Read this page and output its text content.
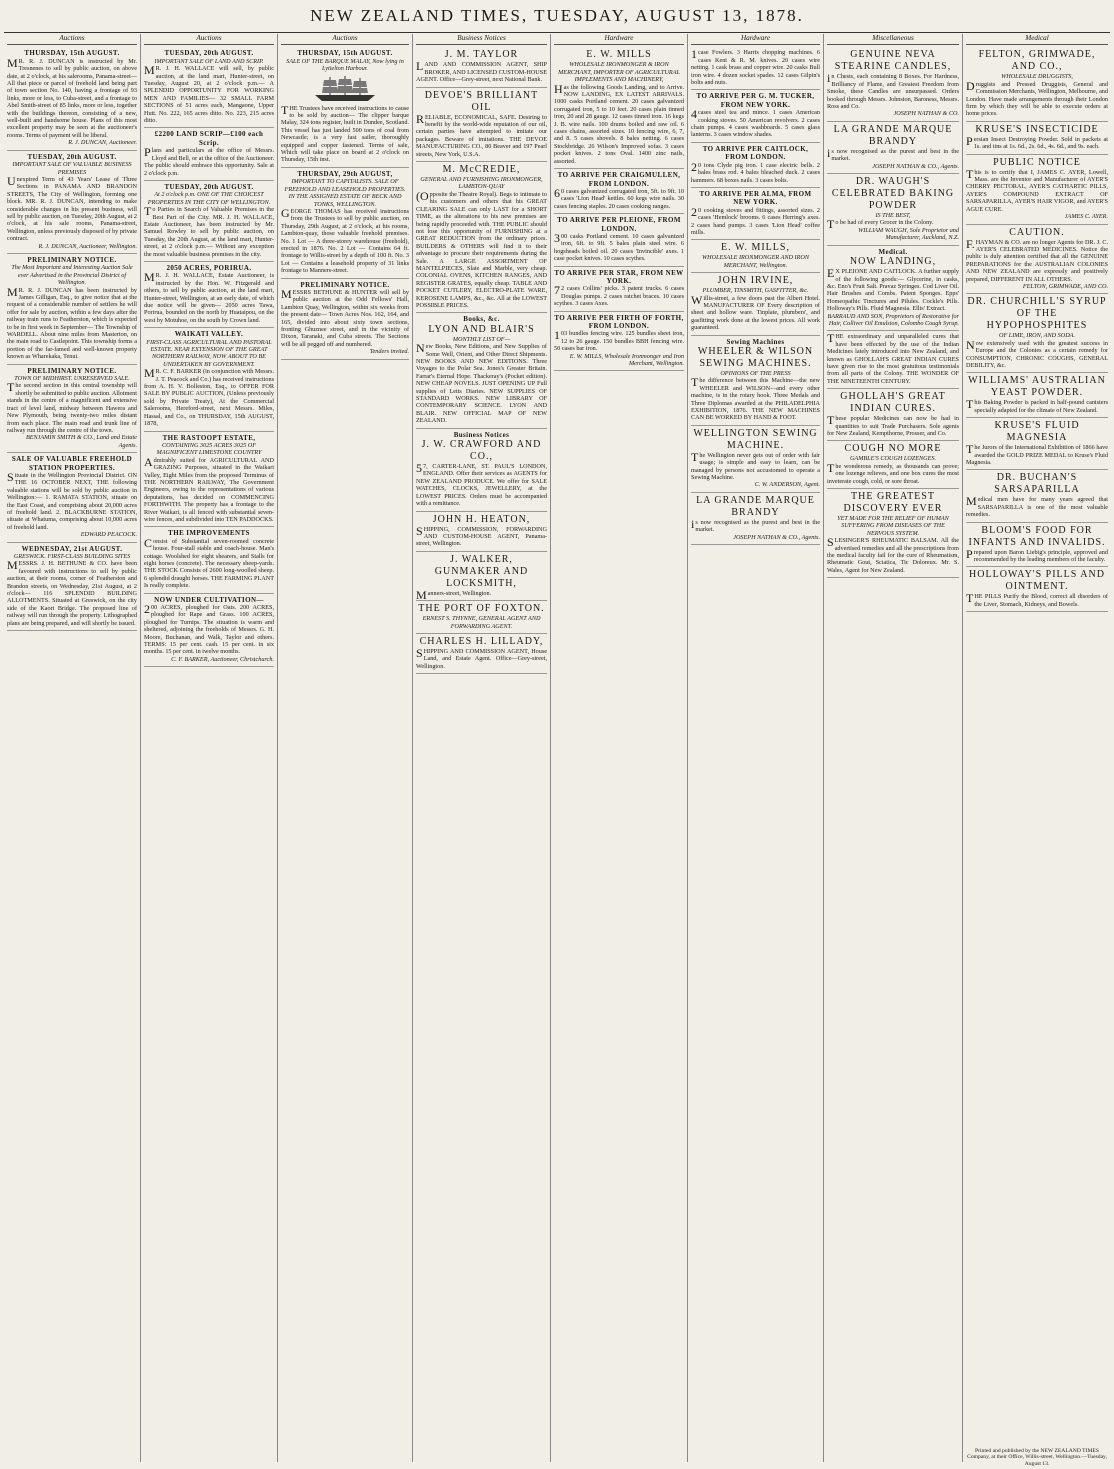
NEW ZEALAND TIMES, TUESDAY, AUGUST 13, 1878.
Auctions
THURSDAY, 15th AUGUST.
MR. R. J. DUNCAN is instructed by Mr. Tresnenes to sell by public auction, on above date, at 2 o'clock, at his salerooms, Panama-street— All that piece or parcel of freehold land being part of town section No. 140, having a frontage of 93 links, more or less, to Cuba-street, and a frontage to Abel Smith-street of 85 links, more or less, together with the buildings thereon, consisting of a new, well-built and handsome house. Plans of this most excellent property may be seen at the auctioneer's rooms. Terms of payment will be liberal.
R. J. DUNCAN, Auctioneer.
TUESDAY, 20th AUGUST.
IMPORTANT SALE OF VALUABLE BUSINESS PREMISES
Unexpired Term of 43 Years' Lease of Three Sections in PANAMA AND BRANDON STREETS, The City of Wellington, forming one block. MR. R. J. DUNCAN, intending to make considerable changes in his present business, will sell by public auction, on Tuesday, 20th August, at 2 o'clock, at his sale rooms, Panama-street, Wellington, unless previously disposed of by private contract.
R. J. DUNCAN, Auctioneer, Wellington.
PRELIMINARY NOTICE.
The Most Important and Interesting Auction Sale ever Advertised in the Provincial District of Wellington.
MR. R. J. DUNCAN has been instructed by James Gilligan, Esq., to give notice that at the request of a considerable number of settlers he will offer for sale by auction, within a few days after the railway train runs to Featherston, which is expected to be in first week in September— The Township of WARDELL. About nine miles from Masterton, on the main road to Castlepoint. This township forms a portion of the far-famed and well-known property known as Wharekaka, Tenui.
PRELIMINARY NOTICE.
TOWN OF MIDHIRST. UNRESERVED SALE.
The second section in this central township will shortly be submitted to public auction. Allotment stands in the centre of a magnificent and extensive tract of level land, midway between Hawera and New Plymouth, being twenty-two miles distant from each place. The main road and trunk line of railway run through the centre of the town.
BENJAMIN SMITH & CO., Land and Estate Agents.
SALE OF VALUABLE FREEHOLD STATION PROPERTIES.
Situate in the Wellington Provincial District. ON THE 16 OCTOBER NEXT, THE following valuable stations will be sold by public auction in Wellington:— 1. RAMATA STATION, situate on the East Coast, and comprising about 20,000 acres of freehold land. 2. BLACKBURNE STATION, situate at Whatuma, comprising about 10,000 acres of freehold land.
EDWARD PEACOCK.
WEDNESDAY, 21st AUGUST.
GRESWICK. FIRST-CLASS BUILDING SITES
MESSRS. J. H. BETHUNE & CO. have been favoured with instructions to sell by public auction, at their rooms, corner of Featherston and Brandon streets, on Wednesday, 21st August, at 2 o'clock— 116 SPLENDID BUILDING ALLOTMENTS. Situated at Greswick, on the city side of the Kaori Bridge. The proposed line of railway will run through the property. Lithographed plans are being prepared, and will shortly be issued.
Auctions
TUESDAY, 20th AUGUST.
IMPORTANT SALE OF LAND AND SCRIP.
MR. J. H. WALLACE will sell, by public auction, at the land mart, Hunter-street, on Tuesday, August 20, at 2 o'clock p.m.— A SPLENDID OPPORTUNITY FOR WORKING MEN AND FAMILIES— 32 SMALL FARM SECTIONS of 51 acres each, Mangaone, Upper Hutt. No. 222, 165 acres ditto. No. 223, 215 acres ditto.
£2200 LAND SCRIP—£100 each Scrip.
Plans and particulars at the office of Messrs. Lloyd and Bell, or at the office of the Auctioneer. The public should embrace this opportunity. Sale at 2 o'clock p.m.
TUESDAY, 20th AUGUST.
At 2 o'clock p.m. ONE OF THE CHOICEST PROPERTIES IN THE CITY OF WELLINGTON.
To Parties in Search of Valuable Premises in the Best Part of the City. MR. J. H. WALLACE, Estate Auctioneer, has been instructed by Mr. Samuel Rowley to sell by public auction, on Tuesday, the 20th August, at the land mart, Hunter-street, at 2 o'clock p.m.— Without any exception the most valuable business premises in the city.
2050 ACRES, PORIRUA.
MR. J. H. WALLACE, Estate Auctioneer, is instructed by the Hon. W. Fitzgerald and others, to sell by public auction, at the land mart, Hunter-street, Wellington, at an early date, of which due notice will be given— 2050 acres Tawa, Porirua, bounded on the north by Huataipou, on the west by Motuhoe, on the south by Crown land.
WAIKATI VALLEY.
FIRST-CLASS AGRICULTURAL AND PASTORAL ESTATE. NEAR EXTENSION OF THE GREAT NORTHERN RAILWAY, NOW ABOUT TO BE UNDERTAKEN BY GOVERNMENT.
MR. C. F. BARKER (in conjunction with Messrs. J. T. Peacock and Co.) has received instructions from A. H. V. Bolleston, Esq., to OFFER FOR SALE BY PUBLIC AUCTION, (Unless previously sold by Private Treaty), At the Commercial Salerooms, Hereford-street, next Messrs. Miles, Hassal, and Co., on THURSDAY, 15th AUGUST, 1878,
THE RASTOOPT ESTATE,
CONTAINING 3025 ACRES 3025 OF MAGNIFICENT LIMESTONE COUNTRY
Admirably suited for AGRICULTURAL AND GRAZING Purposes, situated in the Waikari Valley, Eight Miles from the proposed Terminus of THE NORTHERN RAILWAY, The Government Engineers, owing to the representations of various deputations, has decided on COMMENCING FORTHWITH. The property has a frontage to the River Waikari, is all fenced with substantial seven-wire fences, and subdivided into TEN PADDOCKS.
THE IMPROVEMENTS
Consist of Substantial seven-roomed concrete house. Four-stall stable and coach-house. Man's cottage. Woolshed for eight shearers, and Stalls for eight horses (concrete). The necessary sheep-yards. THE STOCK Consists of 2600 long-woolled sheep. 6 splendid draught horses. THE FARMING PLANT Is really complete.
NOW UNDER CULTIVATION—
200 ACRES, ploughed for Oats. 200 ACRES, ploughed for Rape and Grass. 100 ACRES, ploughed for Turnips. The situation is warm and sheltered, adjoining the freeholds of Messrs. G. H. Moore, Buchanan, and Walk, Taylor and others. TERMS: 15 per cent. cash. 15 per cent. in six months. 15 per cent. in twelve months.
C. F. BARKER, Auctioneer, Christchurch.
Auctions
THURSDAY, 15th AUGUST.
SALE OF THE BARQUE MALAY, Now lying in Lyttelton Harbour.
THE Trustees have received instructions to cause to be sold by auction— The clipper barque Malay, 324 tons register, built in Dundee, Scotland. This vessel has just landed 500 tons of coal from Newcastle; is a very fast sailer, thoroughly equipped and copper fastened. Terms of sale, Which will take place on board at 2 o'clock on Thursday, 15th inst.
THURSDAY, 29th AUGUST,
IMPORTANT TO CAPITALISTS. SALE OF FREEHOLD AND LEASEHOLD PROPERTIES. IN THE ASSIGNED ESTATE OF BECK AND TONKS, WELLINGTON.
GEORGE THOMAS has received instructions from the Trustees to sell by public auction, on Thursday, 29th August, at 2 o'clock, at his rooms, Lambton-quay, those valuable freehold premises. No. 1 Lot — A three-storey warehouse (freehold), erected in 1876. No. 2 Lot — Contains 64 ft. frontage to Willis-street by a depth of 100 ft. No. 3 Lot — Contains a leasehold property of 31 links frontage to Manners-street.
PRELIMINARY NOTICE.
MESSRS BETHUNE & HUNTER will sell by public auction at the Odd Fellows' Hall, Lambton Quay, Wellington, within six weeks from the present date— Town Acres Nos. 162, 164, and 165, divided into about sixty town sections, fronting Ghuznee street, and in the vicinity of Dixon, Taranaki, and Cuba streets. The Sections will be all pegged off and numbered.
Tenders invited.
Business Notices
J. M. TAYLOR
LAND AND COMMISSION AGENT, SHIP BROKER, AND LICENSED CUSTOM-HOUSE AGENT. Office—Grey-street, next National Bank.
DEVOE'S BRILLIANT OIL
RELIABLE, ECONOMICAL, SAFE. Desiring to benefit by the world-wide reputation of our oil, certain parties have attempted to imitate our packages. Beware of imitations. THE DEVOE MANUFACTURING CO., 80 Beaver and 197 Pearl streets, New York, U.S.A.
M. McCREDIE,
GENERAL AND FURNISHING IRONMONGER, LAMBTON-QUAY
(Opposite the Theatre Royal). Begs to intimate to his customers and others that his GREAT CLEARING SALE can only LAST for a SHORT TIME, as the alterations to his new premises are being rapidly proceeded with. THE PUBLIC should not lose this opportunity of FURNISHING at a GREAT REDUCTION from the ordinary prices. BUILDERS & OTHERS will find it to their advantage to procure their requirements during the Sale. A LARGE ASSORTMENT OF MANTELPIECES, Slate and Marble, very cheap. COLONIAL OVENS, KITCHEN RANGES, AND REGISTER GRATES, equally cheap. TABLE AND POCKET CUTLERY, ELECTRO-PLATE WARE, KEROSENE LAMPS, &c., &c. All at the LOWEST POSSIBLE PRICES.
Books, &c.
LYON AND BLAIR'S
MONTHLY LIST OF—
New Books, New Editions, and New Supplies of Some Well, Orient, and Other Direct Shipments. NEW BOOKS AND NEW EDITIONS. Three Voyages to the Polar Sea. Jones's Greater Britain. Farrar's Eternal Hope. Thackeray's (Pocket edition). NEW CHEAP NOVELS. JUST OPENING UP Full supplies of Letts Diaries. NEW SUPPLIES OF STANDARD WORKS. NEW LIBRARY OF CONTEMPORARY SCIENCE. LYON AND BLAIR. NEW OFFICIAL MAP OF NEW ZEALAND.
Business Notices
J. W. CRAWFORD AND CO.,
57, CARTER-LANE, ST. PAUL'S LONDON, ENGLAND. Offer their services as AGENTS for NEW ZEALAND PRODUCE. We offer for SALE WATCHES, CLOCKS, JEWELLERY, at the LOWEST PRICES. Orders must be accompanied with a remittance.
JOHN H. HEATON,
SHIPPING, COMMISSION, FORWARDING AND CUSTOM-HOUSE AGENT, Panama-street, Wellington.
J. WALKER, GUNMAKER AND LOCKSMITH,
Manners-street, Wellington.
THE PORT OF FOXTON.
ERNEST S. THYNNE, GENERAL AGENT AND FORWARDING AGENT.
CHARLES H. LILLADY,
SHIPPING AND COMMISSION AGENT, House Land, and Estate Agent. Office—Grey-street, Wellington.
Hardware
E. W. MILLS
WHOLESALE IRONMONGER & IRON MERCHANT, IMPORTER OF AGRICULTURAL IMPLEMENTS AND MACHINERY,
Has the following Goods Landing, and to Arrive. NOW LANDING, EX LATEST ARRIVALS. 1000 casks Portland cement. 20 cases galvanized corrugated iron, 5 to 10 feet. 20 cases plain tinned iron, 20 and 28 gauge. 12 cases tinned iron. 16 kegs J. B. wire nails. 100 drums boiled and raw oil. 6 cases chains, assorted sizes. 10 fencing wire, 6, 7, and 8. 5 cases shovels. 8 bales netting. 6 cases Stockbridge. 26 Wilson's Improved sofas. 3 cases pocket knives. 2 tons Oval. 1400 zinc nails, assorted.
TO ARRIVE PER CRAIGMULLEN, FROM LONDON.
60 cases galvanized corrugated iron, 5ft. to 9ft. 10 cases 'Lion Head' kettles. 60 kegs wire nails. 30 cases fencing staples. 20 cases cooking ranges.
TO ARRIVE PER PLEIONE, FROM LONDON.
300 casks Portland cement. 10 cases galvanized iron, 6ft. to 9ft. 5 bales plain steel wire. 6 hogsheads boiled oil. 20 cases 'Invincible' axes. 1 case pocket knives. 10 cases scythes.
TO ARRIVE PER STAR, FROM NEW YORK.
72 cases Collins' picks. 3 patent trucks. 6 cases Douglas pumps. 2 cases ratchet braces. 10 cases scythes. 3 cases Axes.
TO ARRIVE PER FIRTH OF FORTH, FROM LONDON.
103 bundles fencing wire. 125 bundles sheet iron, 12 to 26 gauge. 150 bundles BBH fencing wire. 50 cases bar iron.
E. W. MILLS, Wholesale Ironmonger and Iron Merchant, Wellington.
Hardware
1case Fowlers. 3 Harris chopping machines. 6 cases Kent & R. M. knives. 20 cases wire netting. 1 cask brass and copper wire. 20 casks Bull iron wire. 4 dozen socket spades. 12 cases Gilpin's bolts and nuts.
TO ARRIVE PER G. M. TUCKER, FROM NEW YORK.
4cases steel tea and mince. 1 cases American cooking stoves. 50 American revolvers. 2 cases chain pumps. 4 cases washboards. 5 cases glass lanterns. 3 cases window shades.
TO ARRIVE PER CAITLOCK, FROM LONDON.
20 tons Clyde pig iron. 1 case electric bells. 2 bales brass rod. 4 bales bleached duck. 2 cases hammers. 68 boxes nails. 3 cases bolts.
TO ARRIVE PER ALMA, FROM NEW YORK.
20 cooking stoves and fittings, assorted sizes. 2 cases 'Hemlock' brooms. 6 cases Herring's axes. 2 cases hand pumps. 3 cases 'Lion Head' coffee mills.
E. W. MILLS,
WHOLESALE IRONMONGER AND IRON MERCHANT, Wellington.
JOHN IRVINE,
PLUMBER, TINSMITH, GASFITTER, &c.
Willis-street, a few doors past the Albert Hotel. MANUFACTURER OF Every description of sheet and hollow ware. Tinplate, plumbers', and gasfitting work done at the lowest prices. All work guaranteed.
Sewing Machines
WHEELER & WILSON SEWING MACHINES.
OPINIONS OF THE PRESS
The difference between this Machine—the new WHEELER and WILSON—and every other machine, is in the rotary hook. Three Medals and Three Diplomas awarded at the PHILADELPHIA EXHIBITION, 1876. THE NEW MACHINES CAN BE WORKED BY HAND & FOOT.
WELLINGTON SEWING MACHINE.
The Wellington never gets out of order with fair usage; is simple and easy to learn, can be managed by persons not accustomed to operate a Sewing Machine.
C. W. ANDERSON, Agent.
LA GRANDE MARQUE BRANDY
is now recognised as the purest and best in the market.
JOSEPH NATHAN & CO., Agents.
Miscellaneous
GENUINE NEVA STEARINE CANDLES,
in Chests, each containing 8 Boxes. For Hardness, Brilliancy of Flame, and Greatest Freedom from Smoke, these Candles are unsurpassed. Orders booked through Messrs. Johnston, Baroness, Messrs. Ross and Co.
JOSEPH NATHAN & CO.
LA GRANDE MARQUE BRANDY
is now recognised as the purest and best in the market.
JOSEPH NATHAN & CO., Agents.
DR. WAUGH'S CELEBRATED BAKING POWDER
IS THE BEST,
To be had of every Grocer in the Colony.
WILLIAM WAUGH, Sole Proprietor and Manufacturer, Auckland, N.Z.
Medical.
NOW LANDING,
EX PLEIONE AND CAITLOCK. A further supply of the following goods:— Glycerine, in casks, &c. Eno's Fruit Salt. Pravaz Syringes. Cod Liver Oil. Hair Brushes and Combs. Patent Sponges. Epps' Homeopathic Tinctures and Pilules. Cockle's Pills. Holloway's Pills. Fluid Magnesia. Ellis' Extract.
BARRAUD AND SON, Proprietors of Restorative for Hair, Colliver Oil Emulsion, Colombo Cough Syrup.
THE extraordinary and unparalleled cures that have been effected by the use of the Indian Medicines lately introduced into New Zealand, and known as GHOLLAH'S GREAT INDIAN CURES have given rise to the most gratuitous testimonials from all parts of the Colony. THE WONDER OF THE NINETEENTH CENTURY.
GHOLLAH'S GREAT INDIAN CURES.
These popular Medicines can now be had in quantities to suit Trade Purchasers. Sole agents for New Zealand, Kempthorne, Prosser, and Co.
COUGH NO MORE
GAMBLE'S COUGH LOZENGES.
The wonderous remedy, as thousands can prove; one lozenge relieves, and one box cures the most inveterate cough, cold, or sore throat.
THE GREATEST DISCOVERY EVER
YET MADE FOR THE RELIEF OF HUMAN SUFFERING FROM DISEASES OF THE NERVOUS SYSTEM.
SLESINGER'S RHEUMATIC BALSAM. All the advertised remedies and all the prescriptions from the medical faculty fail for the cure of Rheumatism, Rheumatic Gout, Sciatica, Tic Doloreux. Mr. S. Wales, Agent for New Zealand.
Medical
FELTON, GRIMWADE, AND CO.,
WHOLESALE DRUGGISTS,
Druggists and Pressed Druggists, General and Commission Merchants, Wellington, Melbourne, and London. Have made arrangements through their London firm by which they will be able to execute orders at home prices.
KRUSE'S INSECTICIDE
Persian Insect Destroying Powder. Sold in packets at 1s. and tins at 1s. 6d., 2s. 6d., 4s. 6d., and 9s. each.
PUBLIC NOTICE
This is to certify that I, JAMES C. AYER, Lowell, Mass. are the Inventor and Manufacturer of AYER'S CHERRY PECTORAL, AYER'S CATHARTIC PILLS, AYER'S COMPOUND EXTRACT OF SARSAPARILLA, AYER'S HAIR VIGOR, and AYER'S AGUE CURE.
JAMES C. AYER.
CAUTION.
F.HAYMAN & CO. are no longer Agents for DR. J. C. AYER'S CELEBRATED MEDICINES. Notice the public is duly attention certified that all the GENUINE PREPARATIONS for the AUSTRALIAN COLONIES AND NEW ZEALAND are expressly and positively prepared, DIFFERENT IN ALL OTHERS.
FELTON, GRIMWADE, AND CO.
DR. CHURCHILL'S SYRUP OF THE HYPOPHOSPHITES
OF LIME, IRON, AND SODA.
Now extensively used with the greatest success in Europe and the Colonies as a certain remedy for CONSUMPTION, CHRONIC COUGHS, GENERAL DEBILITY, &c.
WILLIAMS' AUSTRALIAN YEAST POWDER.
This Baking Powder is packed in half-pound canisters specially adapted for the climate of New Zealand.
KRUSE'S FLUID MAGNESIA
The Jurors of the International Exhibition of 1866 have awarded the GOLD PRIZE MEDAL to Kruse's Fluid Magnesia.
DR. BUCHAN'S SARSAPARILLA
Medical men have for many years agreed that SARSAPARILLA is one of the most valuable remedies.
BLOOM'S FOOD FOR INFANTS AND INVALIDS.
Prepared upon Baron Liebig's principle, approved and recommended by the leading members of the faculty.
HOLLOWAY'S PILLS AND OINTMENT.
THE PILLS Purify the Blood, correct all disorders of the Liver, Stomach, Kidneys, and Bowels.
Printed and published by the NEW ZEALAND TIMES Company, at their Office, Willis-street, Wellington.—Tuesday, August 13.
